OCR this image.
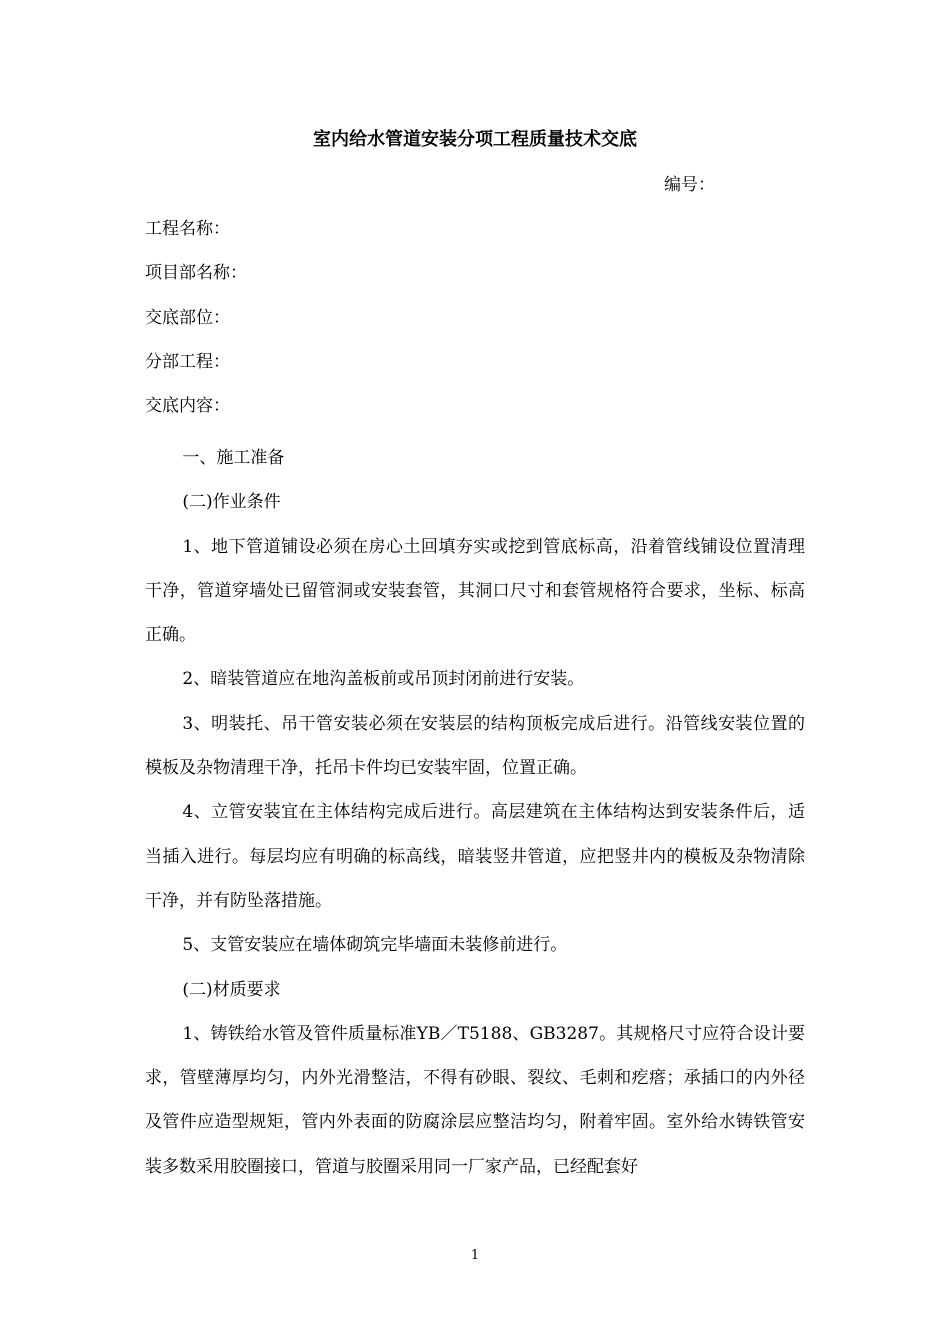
室内给水管道安装分项工程质量技术交底
编号：
工程名称：
项目部名称：
交底部位：
分部工程：
交底内容：

一、施工准备

(二)作业条件

1、地下管道铺设必须在房心土回填夯实或挖到管底标高，沿着管线铺设位置清理干净，管道穿墙处已留管洞或安装套管，其洞口尺寸和套管规格符合要求，坐标、标高正确。

2、暗装管道应在地沟盖板前或吊顶封闭前进行安装。

3、明装托、吊干管安装必须在安装层的结构顶板完成后进行。沿管线安装位置的模板及杂物清理干净，托吊卡件均已安装牢固，位置正确。

4、立管安装宜在主体结构完成后进行。高层建筑在主体结构达到安装条件后，适当插入进行。每层均应有明确的标高线，暗装竖井管道，应把竖井内的模板及杂物清除干净，并有防坠落措施。

5、支管安装应在墙体砌筑完毕墙面未装修前进行。

(二)材质要求

1、铸铁给水管及管件质量标准YB／T5188、GB3287。其规格尺寸应符合设计要求，管壁薄厚均匀，内外光滑整洁，不得有砂眼、裂纹、毛刺和疙瘩；承插口的内外径及管件应造型规矩，管内外表面的防腐涂层应整洁均匀，附着牢固。室外给水铸铁管安装多数采用胶圈接口，管道与胶圈采用同一厂家产品，已经配套好

1
